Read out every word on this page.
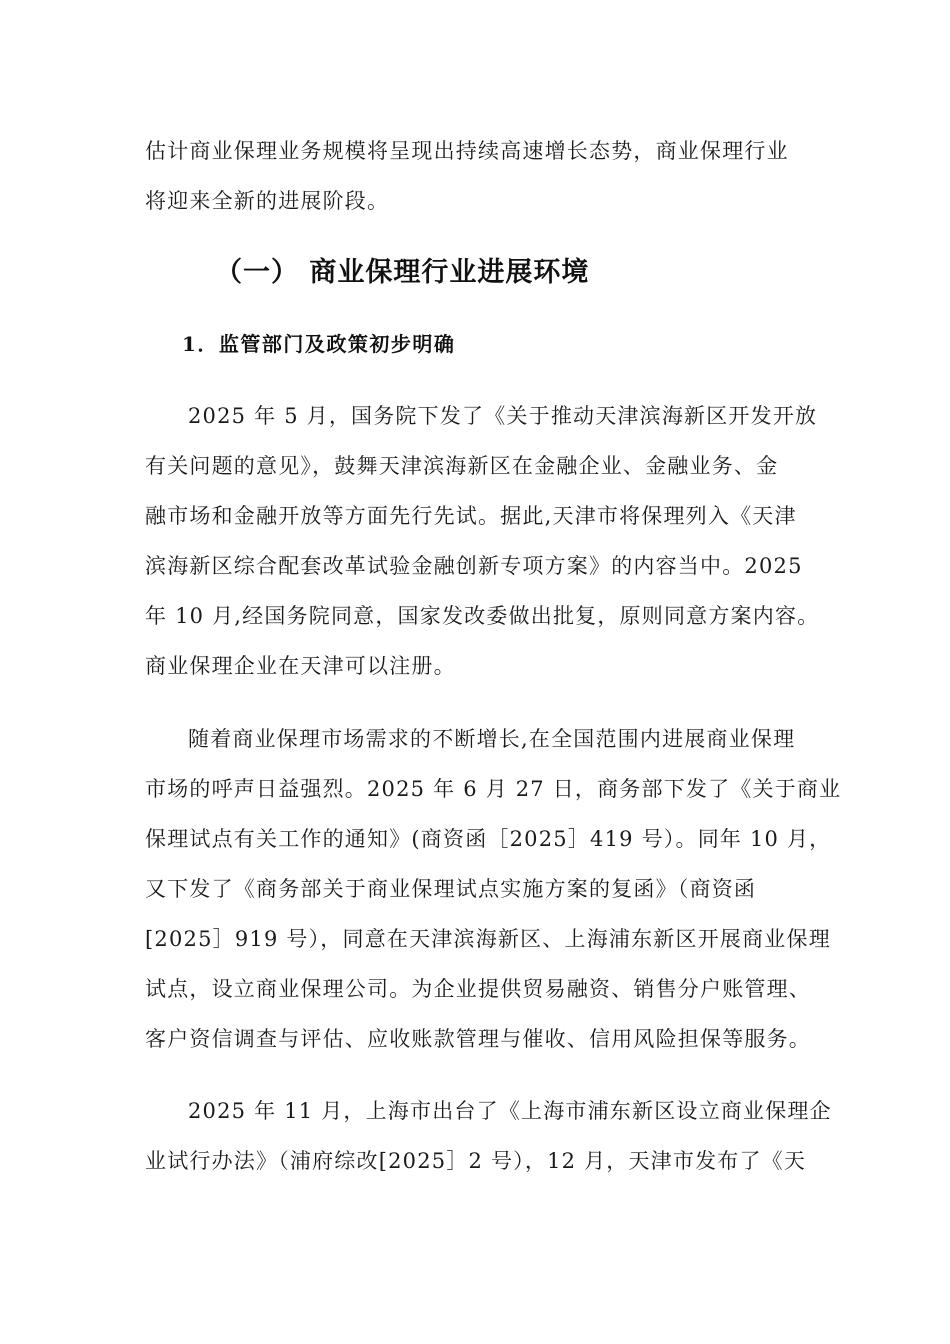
估计商业保理业务规模将呈现出持续高速增长态势，商业保理行业
将迎来全新的进展阶段。
（一） 商业保理行业进展环境
1．监管部门及政策初步明确
2025 年 5 月，国务院下发了《关于推动天津滨海新区开发开放
有关问题的意见》，鼓舞天津滨海新区在金融企业、金融业务、金
融市场和金融开放等方面先行先试。据此,天津市将保理列入《天津
滨海新区综合配套改革试验金融创新专项方案》的内容当中。2025
年 10 月,经国务院同意，国家发改委做出批复，原则同意方案内容。
商业保理企业在天津可以注册。
随着商业保理市场需求的不断增长,在全国范围内进展商业保理
市场的呼声日益强烈。2025 年 6 月 27 日，商务部下发了《关于商业
保理试点有关工作的通知》(商资函［2025］419 号）。同年 10 月，
又下发了《商务部关于商业保理试点实施方案的复函》（商资函
[2025］919 号），同意在天津滨海新区、上海浦东新区开展商业保理
试点，设立商业保理公司。为企业提供贸易融资、销售分户账管理、
客户资信调查与评估、应收账款管理与催收、信用风险担保等服务。
2025 年 11 月，上海市出台了《上海市浦东新区设立商业保理企
业试行办法》（浦府综改[2025］2 号），12 月，天津市发布了《天
